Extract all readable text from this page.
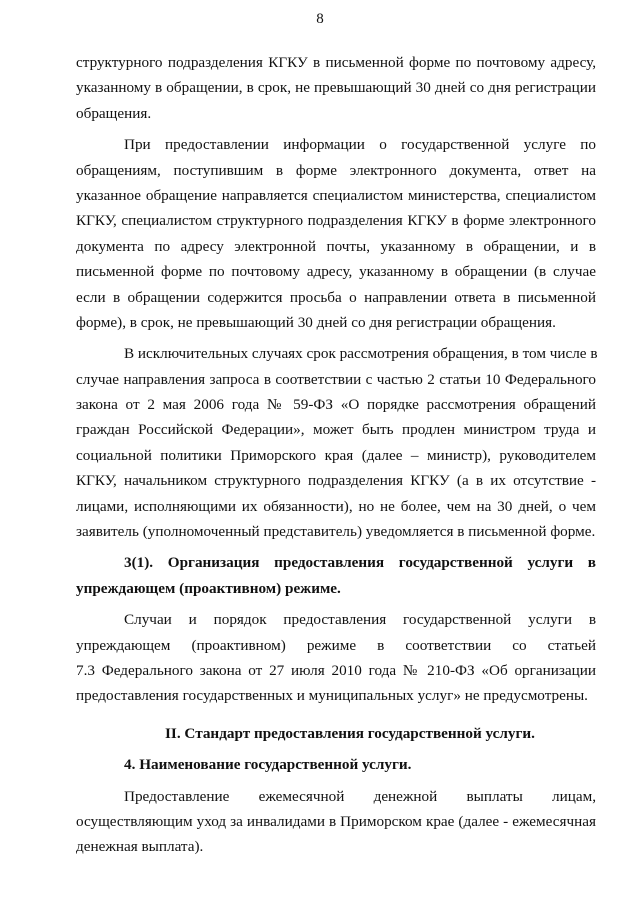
8
структурного подразделения КГКУ в письменной форме по почтовому адресу,
указанному в обращении, в срок, не превышающий 30 дней со дня регистрации
обращения.
При предоставлении информации о государственной услуге по
обращениям, поступившим в форме электронного документа, ответ на
указанное обращение направляется специалистом министерства, специалистом
КГКУ, специалистом структурного подразделения КГКУ в форме электронного
документа по адресу электронной почты, указанному в обращении, и в
письменной форме по почтовому адресу, указанному в обращении (в случае
если в обращении содержится просьба о направлении ответа в письменной
форме), в срок, не превышающий 30 дней со дня регистрации обращения.
В исключительных случаях срок рассмотрения обращения, в том числе в
случае направления запроса в соответствии с частью 2 статьи 10 Федерального
закона от 2 мая 2006 года № 59-ФЗ «О порядке рассмотрения обращений
граждан Российской Федерации», может быть продлен министром труда и
социальной политики Приморского края (далее – министр), руководителем
КГКУ, начальником структурного подразделения КГКУ (а в их отсутствие -
лицами, исполняющими их обязанности), но не более, чем на 30 дней, о чем
заявитель (уполномоченный представитель) уведомляется в письменной форме.
3(1). Организация предоставления государственной услуги в
упреждающем (проактивном) режиме.
Случаи и порядок предоставления государственной услуги в
упреждающем (проактивном) режиме в соответствии со статьей
7.3 Федерального закона от 27 июля 2010 года № 210-ФЗ «Об организации
предоставления государственных и муниципальных услуг» не предусмотрены.
II. Стандарт предоставления государственной услуги.
4. Наименование государственной услуги.
Предоставление ежемесячной денежной выплаты лицам,
осуществляющим уход за инвалидами в Приморском крае (далее - ежемесячная
денежная выплата).
